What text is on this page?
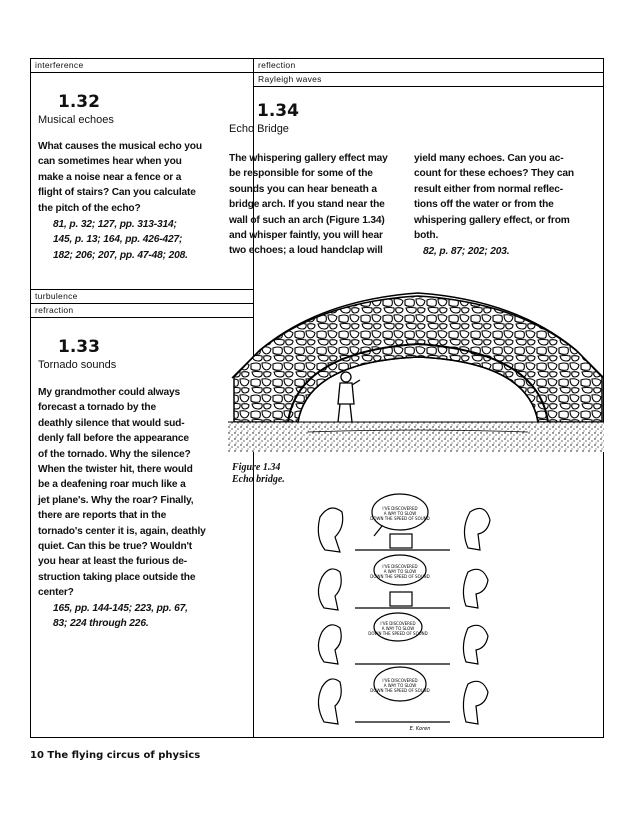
interference
1.32
Musical echoes
What causes the musical echo you
can sometimes hear when you
make a noise near a fence or a
flight of stairs? Can you calculate
the pitch of the echo?
81, p. 32; 127, pp. 313-314;
145, p. 13; 164, pp. 426-427;
182; 206; 207, pp. 47-48; 208.
turbulence
refraction
1.33
Tornado sounds
My grandmother could always
forecast a tornado by the
deathly silence that would sud-
denly fall before the appearance
of the tornado. Why the silence?
When the twister hit, there would
be a deafening roar much like a
jet plane's. Why the roar? Finally,
there are reports that in the
tornado's center it is, again, deathly
quiet. Can this be true? Wouldn't
you hear at least the furious de-
struction taking place outside the
center?
165, pp. 144-145; 223, pp. 67,
83; 224 through 226.
reflection
Rayleigh waves
1.34
Echo Bridge
The whispering gallery effect may
be responsible for some of the
sounds you can hear beneath a
bridge arch. If you stand near the
wall of such an arch (Figure 1.34)
and whisper faintly, you will hear
two echoes; a loud handclap will
yield many echoes. Can you ac-
count for these echoes? They can
result either from normal reflec-
tions off the water or from the
whispering gallery effect, or from
both.
82, p. 87; 202; 203.
Figure 1.34
Echo bridge.
I'VE DISCOVERED A WAY TO SLOW DOWN THE SPEED OF SOUND
I'VE DISCOVERED A WAY TO SLOW DOWN THE SPEED OF SOUND
I'VE DISCOVERED A WAY TO SLOW DOWN THE SPEED OF SOUND
I'VE DISCOVERED A WAY TO SLOW DOWN THE SPEED OF SOUND
E. Koren
10 The flying circus of physics
